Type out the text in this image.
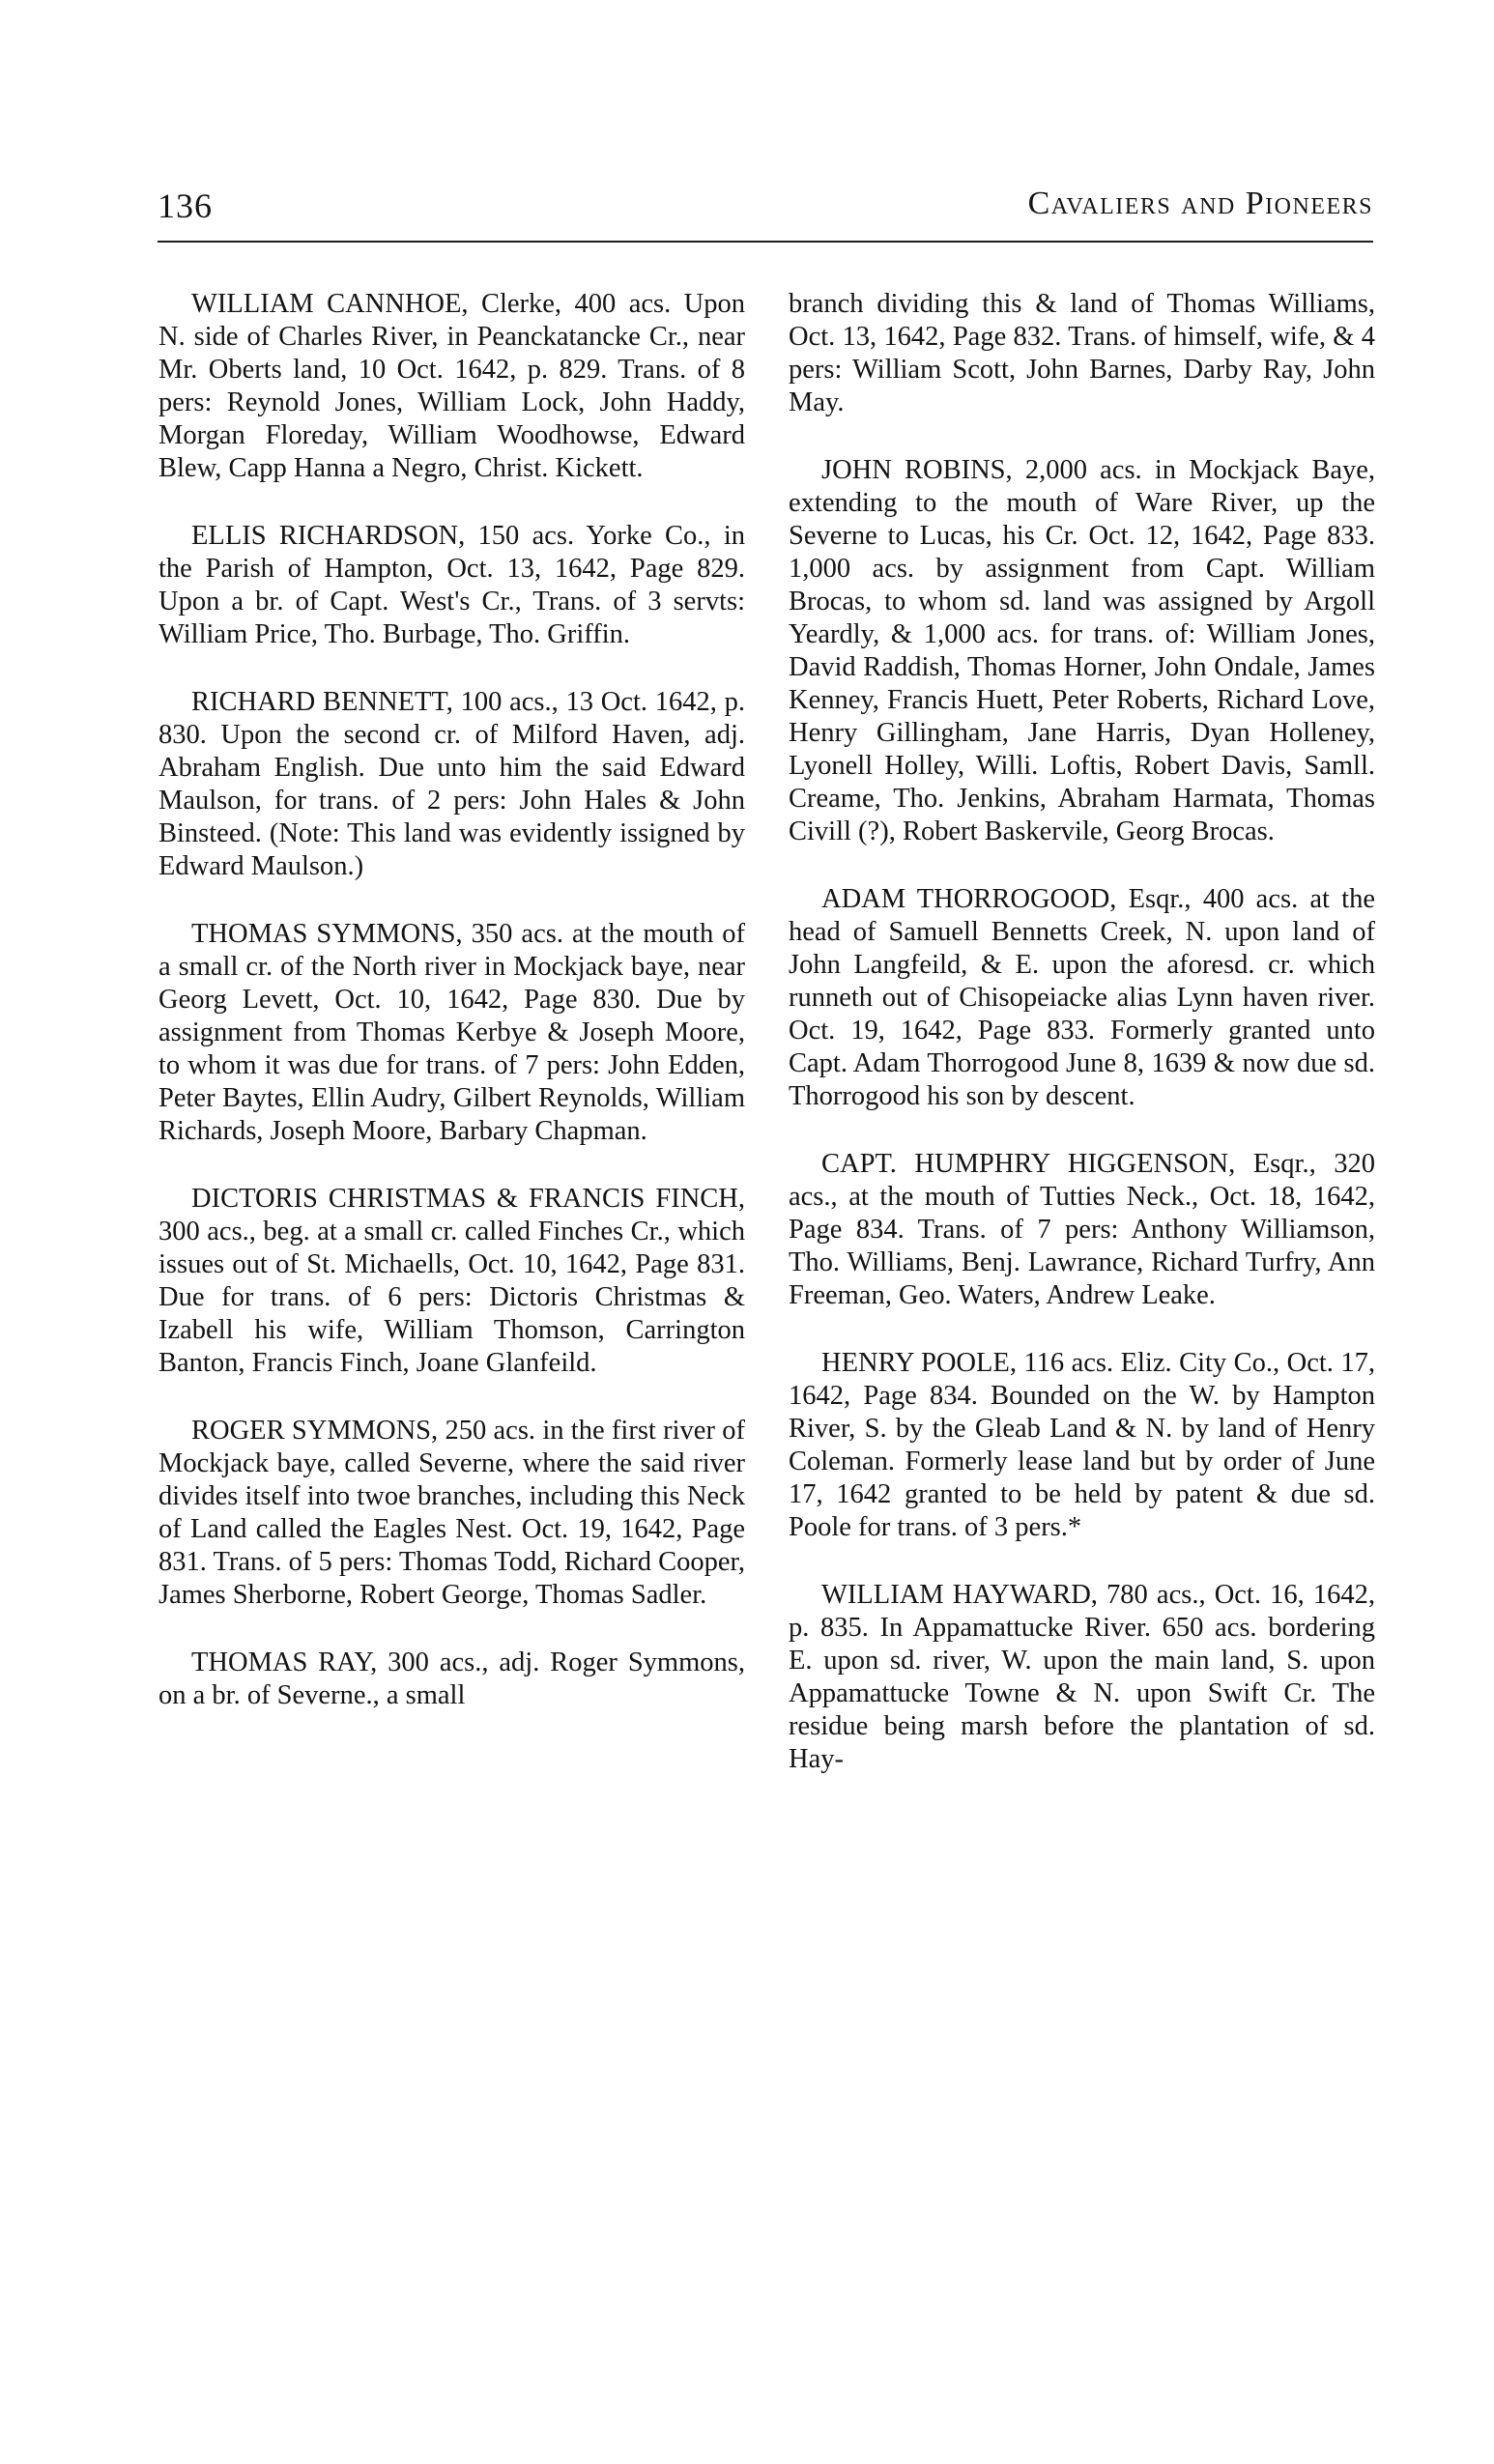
136	Cavaliers and Pioneers

WILLIAM CANNHOE, Clerke, 400 acs. Upon N. side of Charles River, in Peanckatancke Cr., near Mr. Oberts land, 10 Oct. 1642, p. 829. Trans. of 8 pers: Reynold Jones, William Lock, John Haddy, Morgan Floreday, William Woodhowse, Edward Blew, Capp Hanna a Negro, Christ. Kickett.

ELLIS RICHARDSON, 150 acs. Yorke Co., in the Parish of Hampton, Oct. 13, 1642, Page 829. Upon a br. of Capt. West's Cr., Trans. of 3 servts: William Price, Tho. Burbage, Tho. Griffin.

RICHARD BENNETT, 100 acs., 13 Oct. 1642, p. 830. Upon the second cr. of Milford Haven, adj. Abraham English. Due unto him the said Edward Maulson, for trans. of 2 pers: John Hales & John Binsteed. (Note: This land was evidently issigned by Edward Maulson.)

THOMAS SYMMONS, 350 acs. at the mouth of a small cr. of the North river in Mockjack baye, near Georg Levett, Oct. 10, 1642, Page 830. Due by assignment from Thomas Kerbye & Joseph Moore, to whom it was due for trans. of 7 pers: John Edden, Peter Baytes, Ellin Audry, Gilbert Reynolds, William Richards, Joseph Moore, Barbary Chapman.

DICTORIS CHRISTMAS & FRANCIS FINCH, 300 acs., beg. at a small cr. called Finches Cr., which issues out of St. Michaells, Oct. 10, 1642, Page 831. Due for trans. of 6 pers: Dictoris Christmas & Izabell his wife, William Thomson, Carrington Banton, Francis Finch, Joane Glanfeild.

ROGER SYMMONS, 250 acs. in the first river of Mockjack baye, called Severne, where the said river divides itself into twoe branches, including this Neck of Land called the Eagles Nest. Oct. 19, 1642, Page 831. Trans. of 5 pers: Thomas Todd, Richard Cooper, James Sherborne, Robert George, Thomas Sadler.

THOMAS RAY, 300 acs., adj. Roger Symmons, on a br. of Severne., a small

branch dividing this & land of Thomas Williams, Oct. 13, 1642, Page 832. Trans. of himself, wife, & 4 pers: William Scott, John Barnes, Darby Ray, John May.

JOHN ROBINS, 2,000 acs. in Mockjack Baye, extending to the mouth of Ware River, up the Severne to Lucas, his Cr. Oct. 12, 1642, Page 833. 1,000 acs. by assignment from Capt. William Brocas, to whom sd. land was assigned by Argoll Yeardly, & 1,000 acs. for trans. of: William Jones, David Raddish, Thomas Horner, John Ondale, James Kenney, Francis Huett, Peter Roberts, Richard Love, Henry Gillingham, Jane Harris, Dyan Holleney, Lyonell Holley, Willi. Loftis, Robert Davis, Samll. Creame, Tho. Jenkins, Abraham Harmata, Thomas Civill (?), Robert Baskervile, Georg Brocas.

ADAM THORROGOOD, Esqr., 400 acs. at the head of Samuell Bennetts Creek, N. upon land of John Langfeild, & E. upon the aforesd. cr. which runneth out of Chisopeiacke alias Lynn haven river. Oct. 19, 1642, Page 833. Formerly granted unto Capt. Adam Thorrogood June 8, 1639 & now due sd. Thorrogood his son by descent.

CAPT. HUMPHRY HIGGENSON, Esqr., 320 acs., at the mouth of Tutties Neck., Oct. 18, 1642, Page 834. Trans. of 7 pers: Anthony Williamson, Tho. Williams, Benj. Lawrance, Richard Turfry, Ann Freeman, Geo. Waters, Andrew Leake.

HENRY POOLE, 116 acs. Eliz. City Co., Oct. 17, 1642, Page 834. Bounded on the W. by Hampton River, S. by the Gleab Land & N. by land of Henry Coleman. Formerly lease land but by order of June 17, 1642 granted to be held by patent & due sd. Poole for trans. of 3 pers.*

WILLIAM HAYWARD, 780 acs., Oct. 16, 1642, p. 835. In Appamattucke River. 650 acs. bordering E. upon sd. river, W. upon the main land, S. upon Appamattucke Towne & N. upon Swift Cr. The residue being marsh before the plantation of sd. Hay-
